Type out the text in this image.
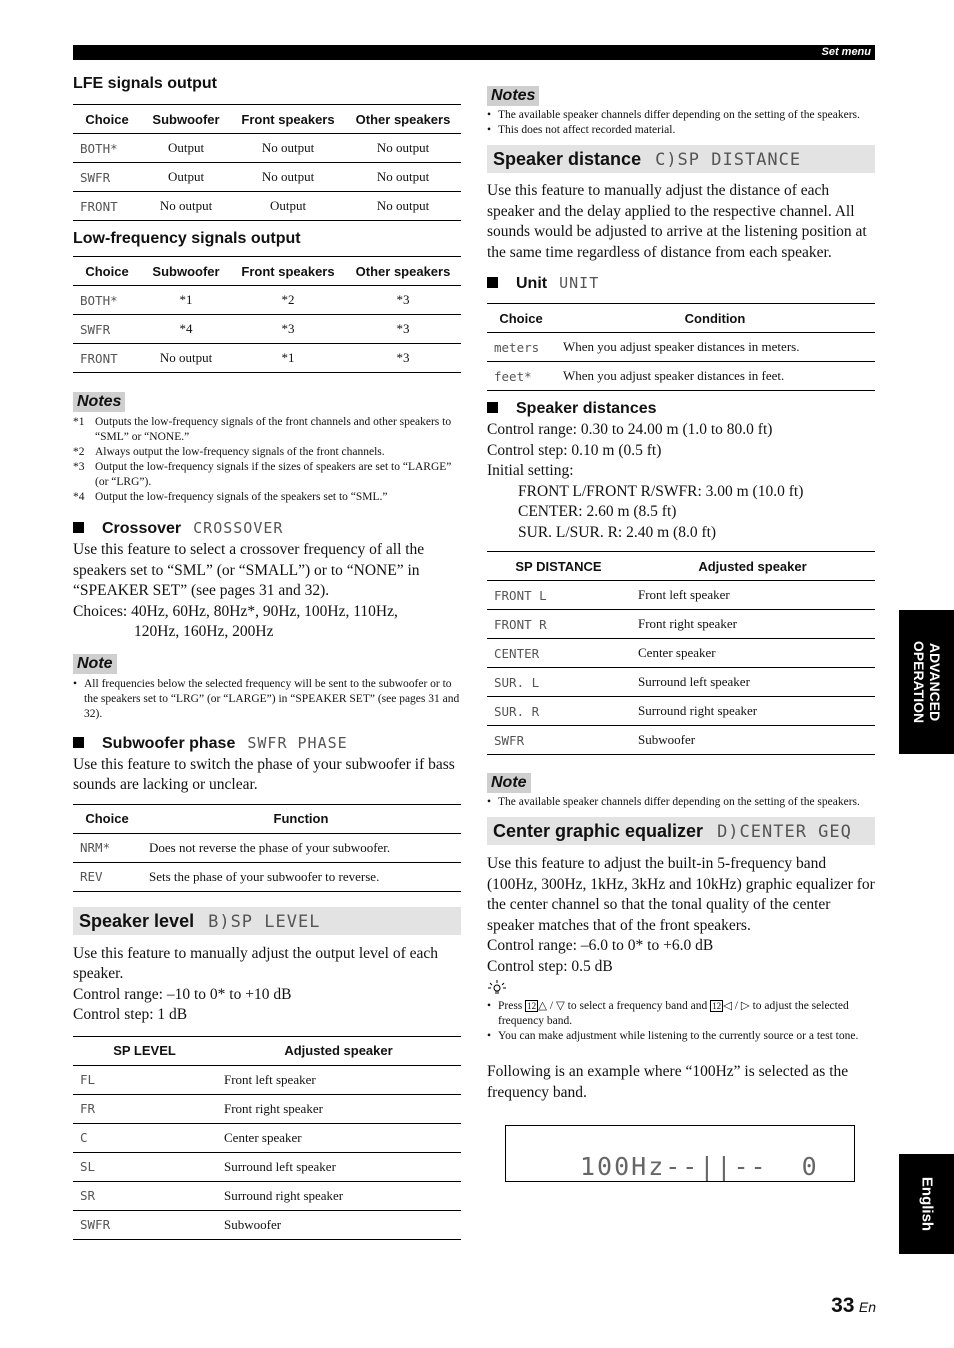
Set menu
LFE signals output
Choice	Subwoofer	Front speakers	Other speakers
BOTH*	Output	No output	No output
SWFR	Output	No output	No output
FRONT	No output	Output	No output
Low-frequency signals output
Choice	Subwoofer	Front speakers	Other speakers
BOTH*	*1	*2	*3
SWFR	*4	*3	*3
FRONT	No output	*1	*3
Notes
*1 Outputs the low-frequency signals of the front channels and other speakers to “SML” or “NONE.”
*2 Always output the low-frequency signals of the front channels.
*3 Output the low-frequency signals if the sizes of speakers are set to “LARGE” (or “LRG”).
*4 Output the low-frequency signals of the speakers set to “SML.”
Crossover CROSSOVER
Use this feature to select a crossover frequency of all the speakers set to “SML” (or “SMALL”) or to “NONE” in “SPEAKER SET” (see pages 31 and 32).
Choices: 40Hz, 60Hz, 80Hz*, 90Hz, 100Hz, 110Hz,
120Hz, 160Hz, 200Hz
Note
• All frequencies below the selected frequency will be sent to the subwoofer or to the speakers set to “LRG” (or “LARGE”) in “SPEAKER SET” (see pages 31 and 32).
Subwoofer phase SWFR PHASE
Use this feature to switch the phase of your subwoofer if bass sounds are lacking or unclear.
Choice	Function
NRM*	Does not reverse the phase of your subwoofer.
REV	Sets the phase of your subwoofer to reverse.
Speaker level B)SP LEVEL
Use this feature to manually adjust the output level of each speaker.
Control range: –10 to 0* to +10 dB
Control step: 1 dB
SP LEVEL	Adjusted speaker
FL	Front left speaker
FR	Front right speaker
C	Center speaker
SL	Surround left speaker
SR	Surround right speaker
SWFR	Subwoofer
Notes
• The available speaker channels differ depending on the setting of the speakers.
• This does not affect recorded material.
Speaker distance C)SP DISTANCE
Use this feature to manually adjust the distance of each speaker and the delay applied to the respective channel. All sounds would be adjusted to arrive at the listening position at the same time regardless of distance from each speaker.
Unit UNIT
Choice	Condition
meters	When you adjust speaker distances in meters.
feet*	When you adjust speaker distances in feet.
Speaker distances
Control range: 0.30 to 24.00 m (1.0 to 80.0 ft)
Control step: 0.10 m (0.5 ft)
Initial setting:
FRONT L/FRONT R/SWFR: 3.00 m (10.0 ft)
CENTER: 2.60 m (8.5 ft)
SUR. L/SUR. R: 2.40 m (8.0 ft)
SP DISTANCE	Adjusted speaker
FRONT L	Front left speaker
FRONT R	Front right speaker
CENTER	Center speaker
SUR. L	Surround left speaker
SUR. R	Surround right speaker
SWFR	Subwoofer
Note
• The available speaker channels differ depending on the setting of the speakers.
Center graphic equalizer D)CENTER GEQ
Use this feature to adjust the built-in 5-frequency band (100Hz, 300Hz, 1kHz, 3kHz and 10kHz) graphic equalizer for the center channel so that the tonal quality of the center speaker matches that of the front speakers.
Control range: –6.0 to 0* to +6.0 dB
Control step: 0.5 dB
• Press 12 △ / ▽ to select a frequency band and 12 ◁ / ▷ to adjust the selected frequency band.
• You can make adjustment while listening to the currently source or a test tone.
Following is an example where “100Hz” is selected as the frequency band.
100Hz--||--  0
ADVANCED
OPERATION
English
33 En
